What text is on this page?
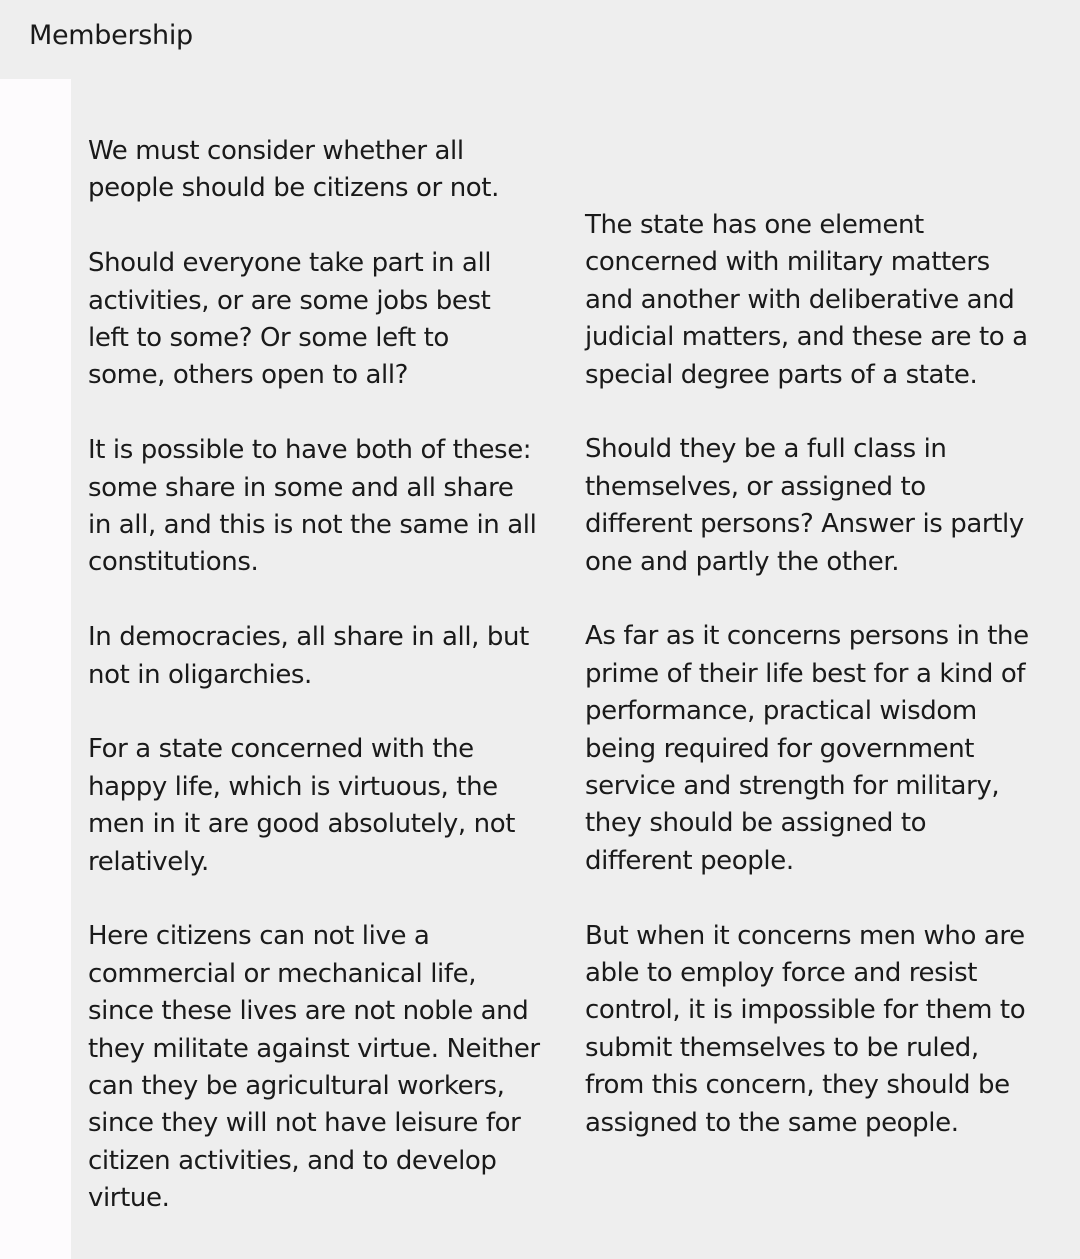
Membership

We must consider whether all
people should be citizens or not.

Should everyone take part in all
activities, or are some jobs best
left to some? Or some left to
some, others open to all?

It is possible to have both of these:
some share in some and all share
in all, and this is not the same in all
constitutions.

In democracies, all share in all, but
not in oligarchies.

For a state concerned with the
happy life, which is virtuous, the
men in it are good absolutely, not
relatively.

Here citizens can not live a
commercial or mechanical life,
since these lives are not noble and
they militate against virtue. Neither
can they be agricultural workers,
since they will not have leisure for
citizen activities, and to develop
virtue.

The state has one element
concerned with military matters
and another with deliberative and
judicial matters, and these are to a
special degree parts of a state.

Should they be a full class in
themselves, or assigned to
different persons? Answer is partly
one and partly the other.

As far as it concerns persons in the
prime of their life best for a kind of
performance, practical wisdom
being required for government
service and strength for military,
they should be assigned to
different people.

But when it concerns men who are
able to employ force and resist
control, it is impossible for them to
submit themselves to be ruled,
from this concern, they should be
assigned to the same people.
